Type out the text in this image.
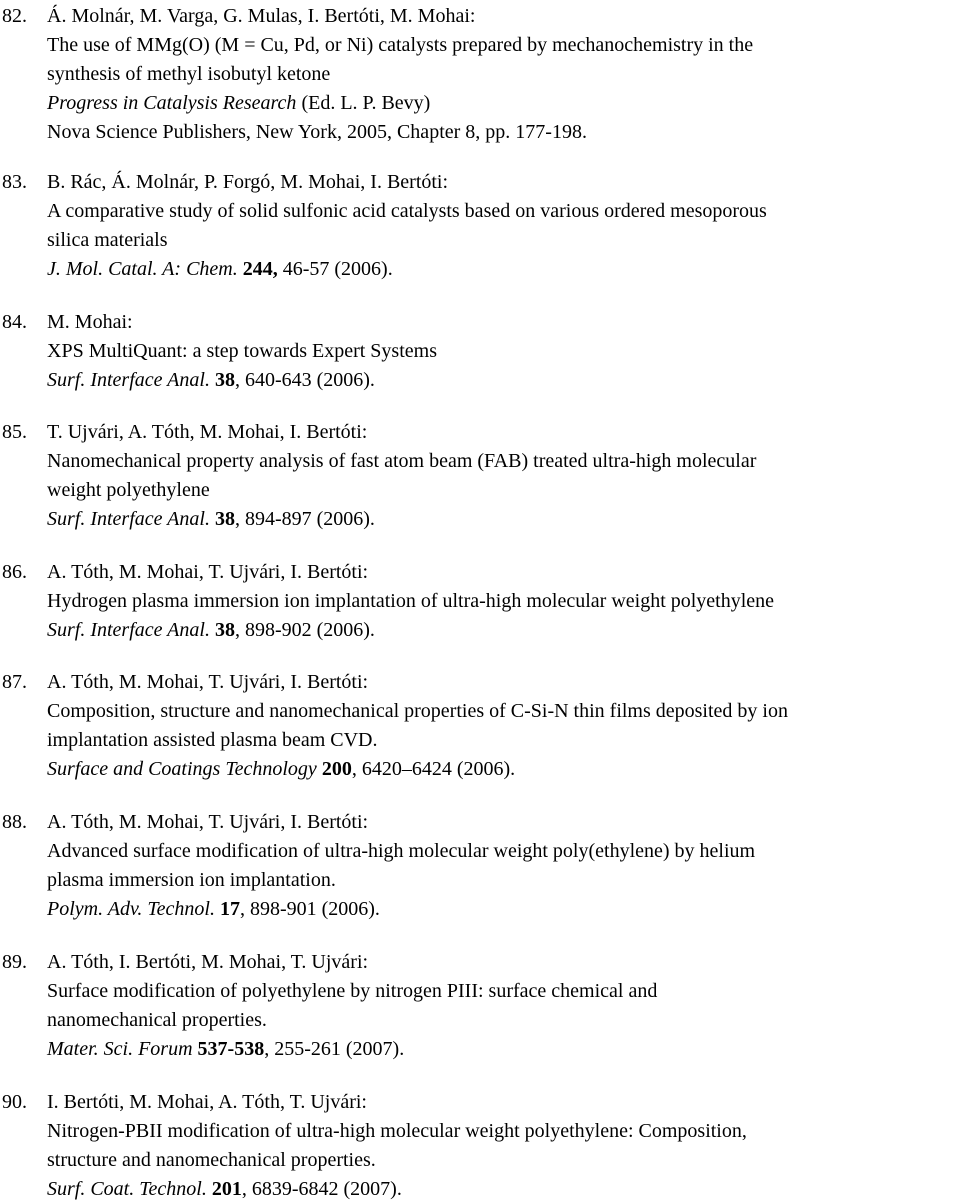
82. Á. Molnár, M. Varga, G. Mulas, I. Bertóti, M. Mohai:
The use of MMg(O) (M = Cu, Pd, or Ni) catalysts prepared by mechanochemistry in the
synthesis of methyl isobutyl ketone
Progress in Catalysis Research (Ed. L. P. Bevy)
Nova Science Publishers, New York, 2005, Chapter 8, pp. 177-198.
83. B. Rác, Á. Molnár, P. Forgó, M. Mohai, I. Bertóti:
A comparative study of solid sulfonic acid catalysts based on various ordered mesoporous
silica materials
J. Mol. Catal. A: Chem. 244, 46-57 (2006).
84. M. Mohai:
XPS MultiQuant: a step towards Expert Systems
Surf. Interface Anal. 38, 640-643 (2006).
85. T. Ujvári, A. Tóth, M. Mohai, I. Bertóti:
Nanomechanical property analysis of fast atom beam (FAB) treated ultra-high molecular
weight polyethylene
Surf. Interface Anal. 38, 894-897 (2006).
86. A. Tóth, M. Mohai, T. Ujvári, I. Bertóti:
Hydrogen plasma immersion ion implantation of ultra-high molecular weight polyethylene
Surf. Interface Anal. 38, 898-902 (2006).
87. A. Tóth, M. Mohai, T. Ujvári, I. Bertóti:
Composition, structure and nanomechanical properties of C-Si-N thin films deposited by ion
implantation assisted plasma beam CVD.
Surface and Coatings Technology 200, 6420–6424 (2006).
88. A. Tóth, M. Mohai, T. Ujvári, I. Bertóti:
Advanced surface modification of ultra-high molecular weight poly(ethylene) by helium
plasma immersion ion implantation.
Polym. Adv. Technol. 17, 898-901 (2006).
89. A. Tóth, I. Bertóti, M. Mohai, T. Ujvári:
Surface modification of polyethylene by nitrogen PIII: surface chemical and
nanomechanical properties.
Mater. Sci. Forum 537-538, 255-261 (2007).
90. I. Bertóti, M. Mohai, A. Tóth, T. Ujvári:
Nitrogen-PBII modification of ultra-high molecular weight polyethylene: Composition,
structure and nanomechanical properties.
Surf. Coat. Technol. 201, 6839-6842 (2007).
